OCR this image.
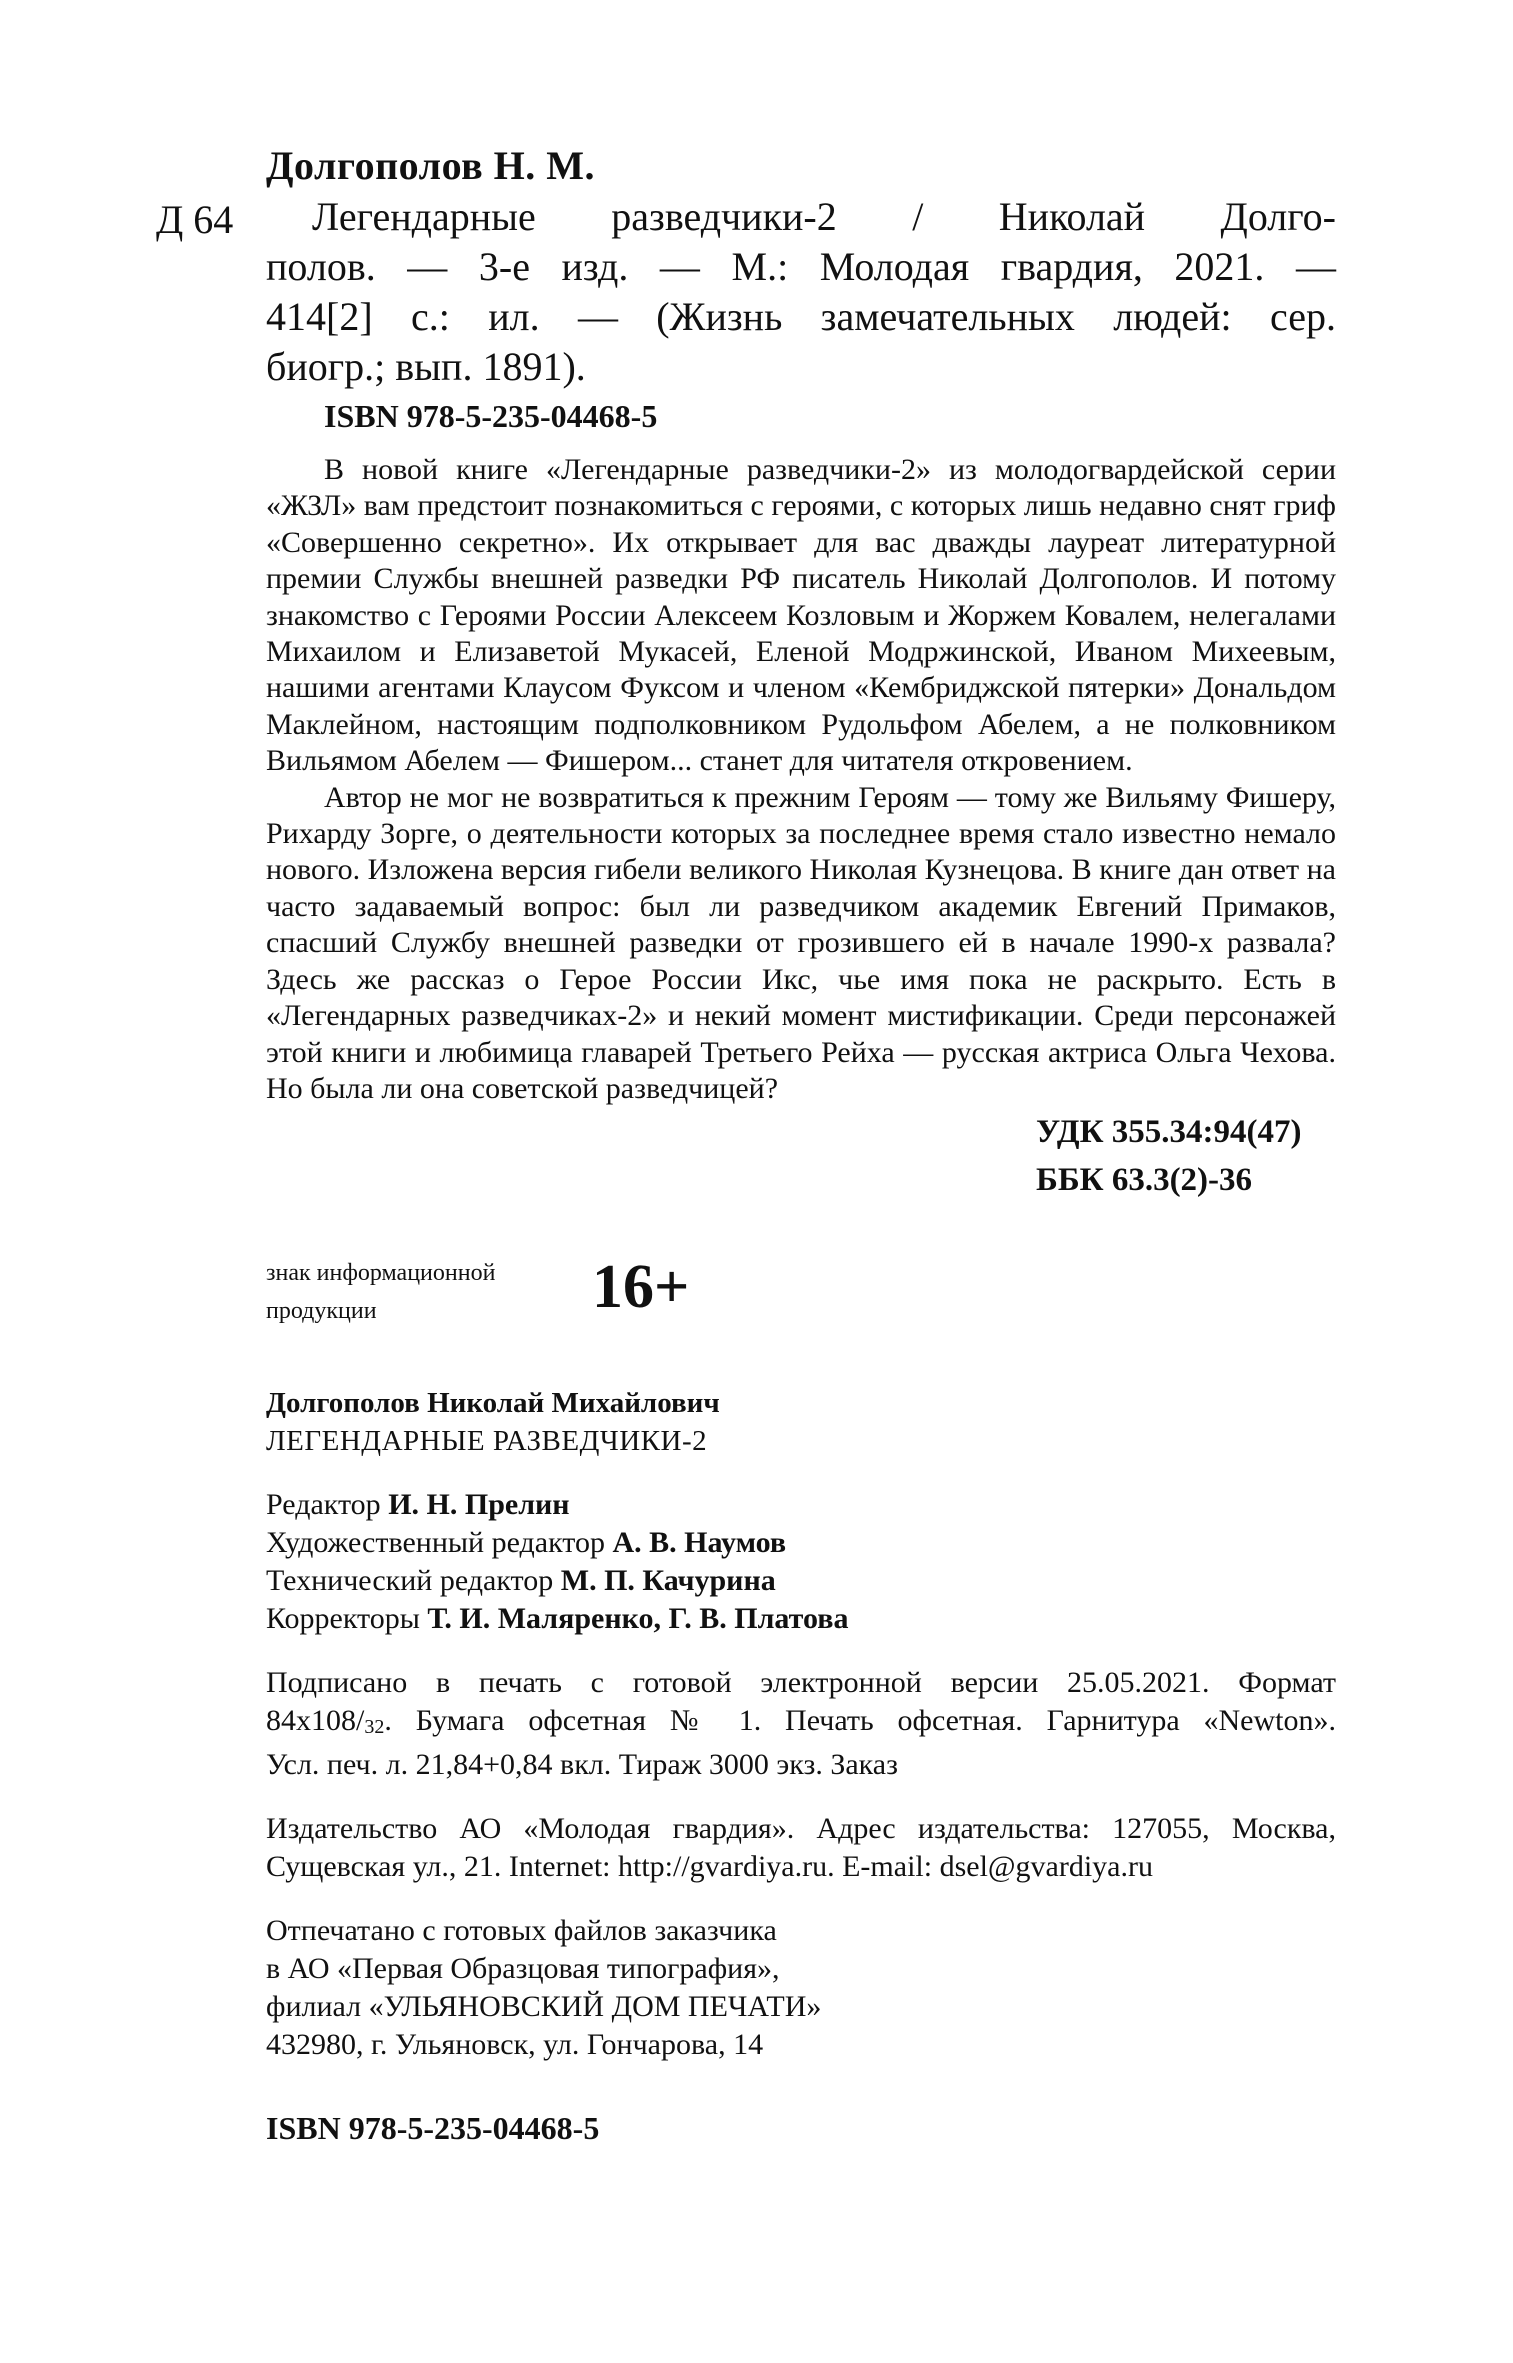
Долгополов Н. М.
Д 64	Легендарные разведчики-2 / Николай Долго-
полов. — 3-е изд. — М.: Молодая гвардия, 2021. —
414[2] с.: ил. — (Жизнь замечательных людей: сер.
биогр.; вып. 1891).
ISBN 978-5-235-04468-5

В новой книге «Легендарные разведчики-2» из молодогвардейской серии «ЖЗЛ» вам предстоит познакомиться с героями, с которых лишь недавно снят гриф «Совершенно секретно». Их открывает для вас дважды лауреат литературной премии Службы внешней разведки РФ писатель Николай Долгополов. И потому знакомство с Героями России Алексеем Козловым и Жоржем Ковалем, нелегалами Михаилом и Елизаветой Мукасей, Еленой Модржинской, Иваном Михеевым, нашими агентами Клаусом Фуксом и членом «Кембриджской пятерки» Дональдом Маклейном, настоящим подполковником Рудольфом Абелем, а не полковником Вильямом Абелем — Фишером... станет для читателя откровением.

Автор не мог не возвратиться к прежним Героям — тому же Вильяму Фишеру, Рихарду Зорге, о деятельности которых за последнее время стало известно немало нового. Изложена версия гибели великого Николая Кузнецова. В книге дан ответ на часто задаваемый вопрос: был ли разведчиком академик Евгений Примаков, спасший Службу внешней разведки от грозившего ей в начале 1990-х развала? Здесь же рассказ о Герое России Икс, чье имя пока не раскрыто. Есть в «Легендарных разведчиках-2» и некий момент мистификации. Среди персонажей этой книги и любимица главарей Третьего Рейха — русская актриса Ольга Чехова. Но была ли она советской разведчицей?

УДК 355.34:94(47)
ББК 63.3(2)-36
знак информационной
продукции	16+
Долгополов Николай Михайлович
ЛЕГЕНДАРНЫЕ РАЗВЕДЧИКИ-2
Редактор И. Н. Прелин
Художественный редактор А. В. Наумов
Технический редактор М. П. Качурина
Корректоры Т. И. Маляренко, Г. В. Платова
Подписано в печать с готовой электронной версии 25.05.2021. Формат
84x108/32. Бумага офсетная № 1. Печать офсетная. Гарнитура «Newton».
Усл. печ. л. 21,84+0,84 вкл. Тираж 3000 экз. Заказ
Издательство АО «Молодая гвардия». Адрес издательства: 127055, Москва,
Сущевская ул., 21. Internet: http://gvardiya.ru. E-mail: dsel@gvardiya.ru
Отпечатано с готовых файлов заказчика
в АО «Первая Образцовая типография»,
филиал «УЛЬЯНОВСКИЙ ДОМ ПЕЧАТИ»
432980, г. Ульяновск, ул. Гончарова, 14
ISBN 978-5-235-04468-5
